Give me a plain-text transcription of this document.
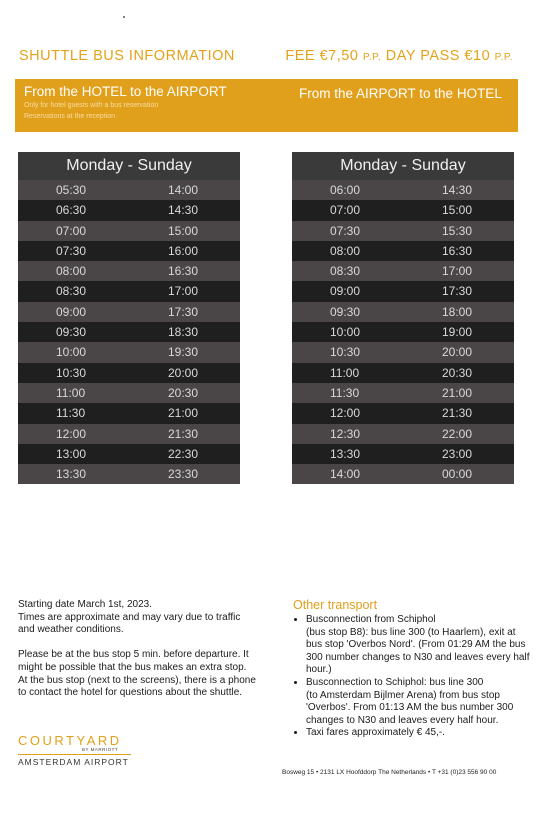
SHUTTLE BUS INFORMATION	FEE €7,50 P.P. DAY PASS €10 P.P.
From the HOTEL to the AIRPORT
Only for hotel guests with a bus reservation
Reservations at the reception
From the AIRPORT to the HOTEL
Monday - Sunday
05:30	14:00
06:30	14:30
07:00	15:00
07:30	16:00
08:00	16:30
08:30	17:00
09:00	17:30
09:30	18:30
10:00	19:30
10:30	20:00
11:00	20:30
11:30	21:00
12:00	21:30
13:00	22:30
13:30	23:30
Monday - Sunday
06:00	14:30
07:00	15:00
07:30	15:30
08:00	16:30
08:30	17:00
09:00	17:30
09:30	18:00
10:00	19:00
10:30	20:00
11:00	20:30
11:30	21:00
12:00	21:30
12:30	22:00
13:30	23:00
14:00	00:00

Starting date March 1st, 2023.
Times are approximate and may vary due to traffic and weather conditions.

Please be at the bus stop 5 min. before departure. It might be possible that the bus makes an extra stop. At the bus stop (next to the screens), there is a phone to contact the hotel for questions about the shuttle.

COURTYARD
BY MARRIOTT
AMSTERDAM AIRPORT
Other transport
• Busconnection from Schiphol
(bus stop B8): bus line 300 (to Haarlem), exit at bus stop 'Overbos Nord'. (From 01:29 AM the bus 300 number changes to N30 and leaves every half hour.)
• Busconnection to Schiphol: bus line 300
(to Amsterdam Bijlmer Arena) from bus stop 'Overbos'. From 01:13 AM the bus number 300 changes to N30 and leaves every half hour.
• Taxi fares approximately € 45,-.
Bosweg 15 • 2131 LX Hoofddorp The Netherlands • T +31 (0)23 556 90 00
